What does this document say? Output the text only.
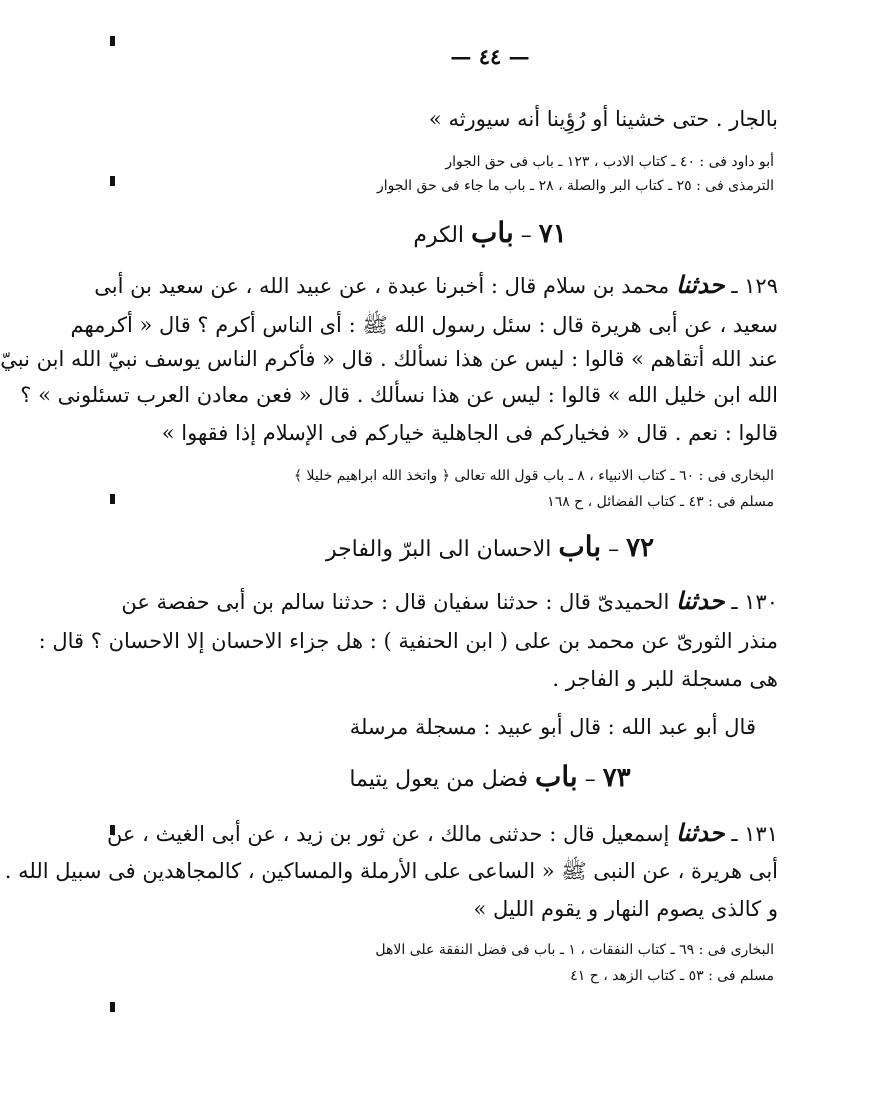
— ٤٤ —
بالجار . حتى خشينا أو رُؤِينا أنه سيورثه »
أبو داود فى : ٤٠ ـ كتاب الادب ، ١٢٣ ـ باب فى حق الجوار
الترمذى فى : ٢٥ ـ كتاب البر والصلة ، ٢٨ ـ باب ما جاء فى حق الجوار
٧١ – باب الكرم
١٢٩ ـ حدثنا محمد بن سلام قال : أخبرنا عبدة ، عن عبيد الله ، عن سعيد بن أبى
سعيد ، عن أبى هريرة قال : سئل رسول الله ﷺ : أى الناس أكرم ؟ قال « أكرمهم
عند الله أتقاهم » قالوا : ليس عن هذا نسألك . قال « فأكرم الناس يوسف نبيّ الله ابن نبيّ
الله ابن خليل الله » قالوا : ليس عن هذا نسألك . قال « فعن معادن العرب تسئلونى » ؟
قالوا : نعم . قال « فخياركم فى الجاهلية خياركم فى الإسلام إذا فقهوا »
البخارى فى : ٦٠ ـ كتاب الانبياء ، ٨ ـ باب قول الله تعالى ﴿ واتخذ الله ابراهيم خليلا ﴾
مسلم فى : ٤٣ ـ كتاب الفضائل ، ح ١٦٨
٧٢ – باب الاحسان الى البرّ والفاجر
١٣٠ ـ حدثنا الحميدىّ قال : حدثنا سفيان قال : حدثنا سالم بن أبى حفصة عن
منذر الثورىّ عن محمد بن على ( ابن الحنفية ) : هل جزاء الاحسان إلا الاحسان ؟ قال :
هى مسجلة للبر و الفاجر .
قال أبو عبد الله : قال أبو عبيد : مسجلة مرسلة
٧٣ – باب فضل من يعول يتيما
١٣١ ـ حدثنا إسمعيل قال : حدثنى مالك ، عن ثور بن زيد ، عن أبى الغيث ، عن
أبى هريرة ، عن النبى ﷺ « الساعى على الأرملة والمساكين ، كالمجاهدين فى سبيل الله .
و كالذى يصوم النهار و يقوم الليل »
البخارى فى : ٦٩ ـ كتاب النفقات ، ١ ـ باب فى فضل النفقة على الاهل
مسلم فى : ٥٣ ـ كتاب الزهد ، ح ٤١
